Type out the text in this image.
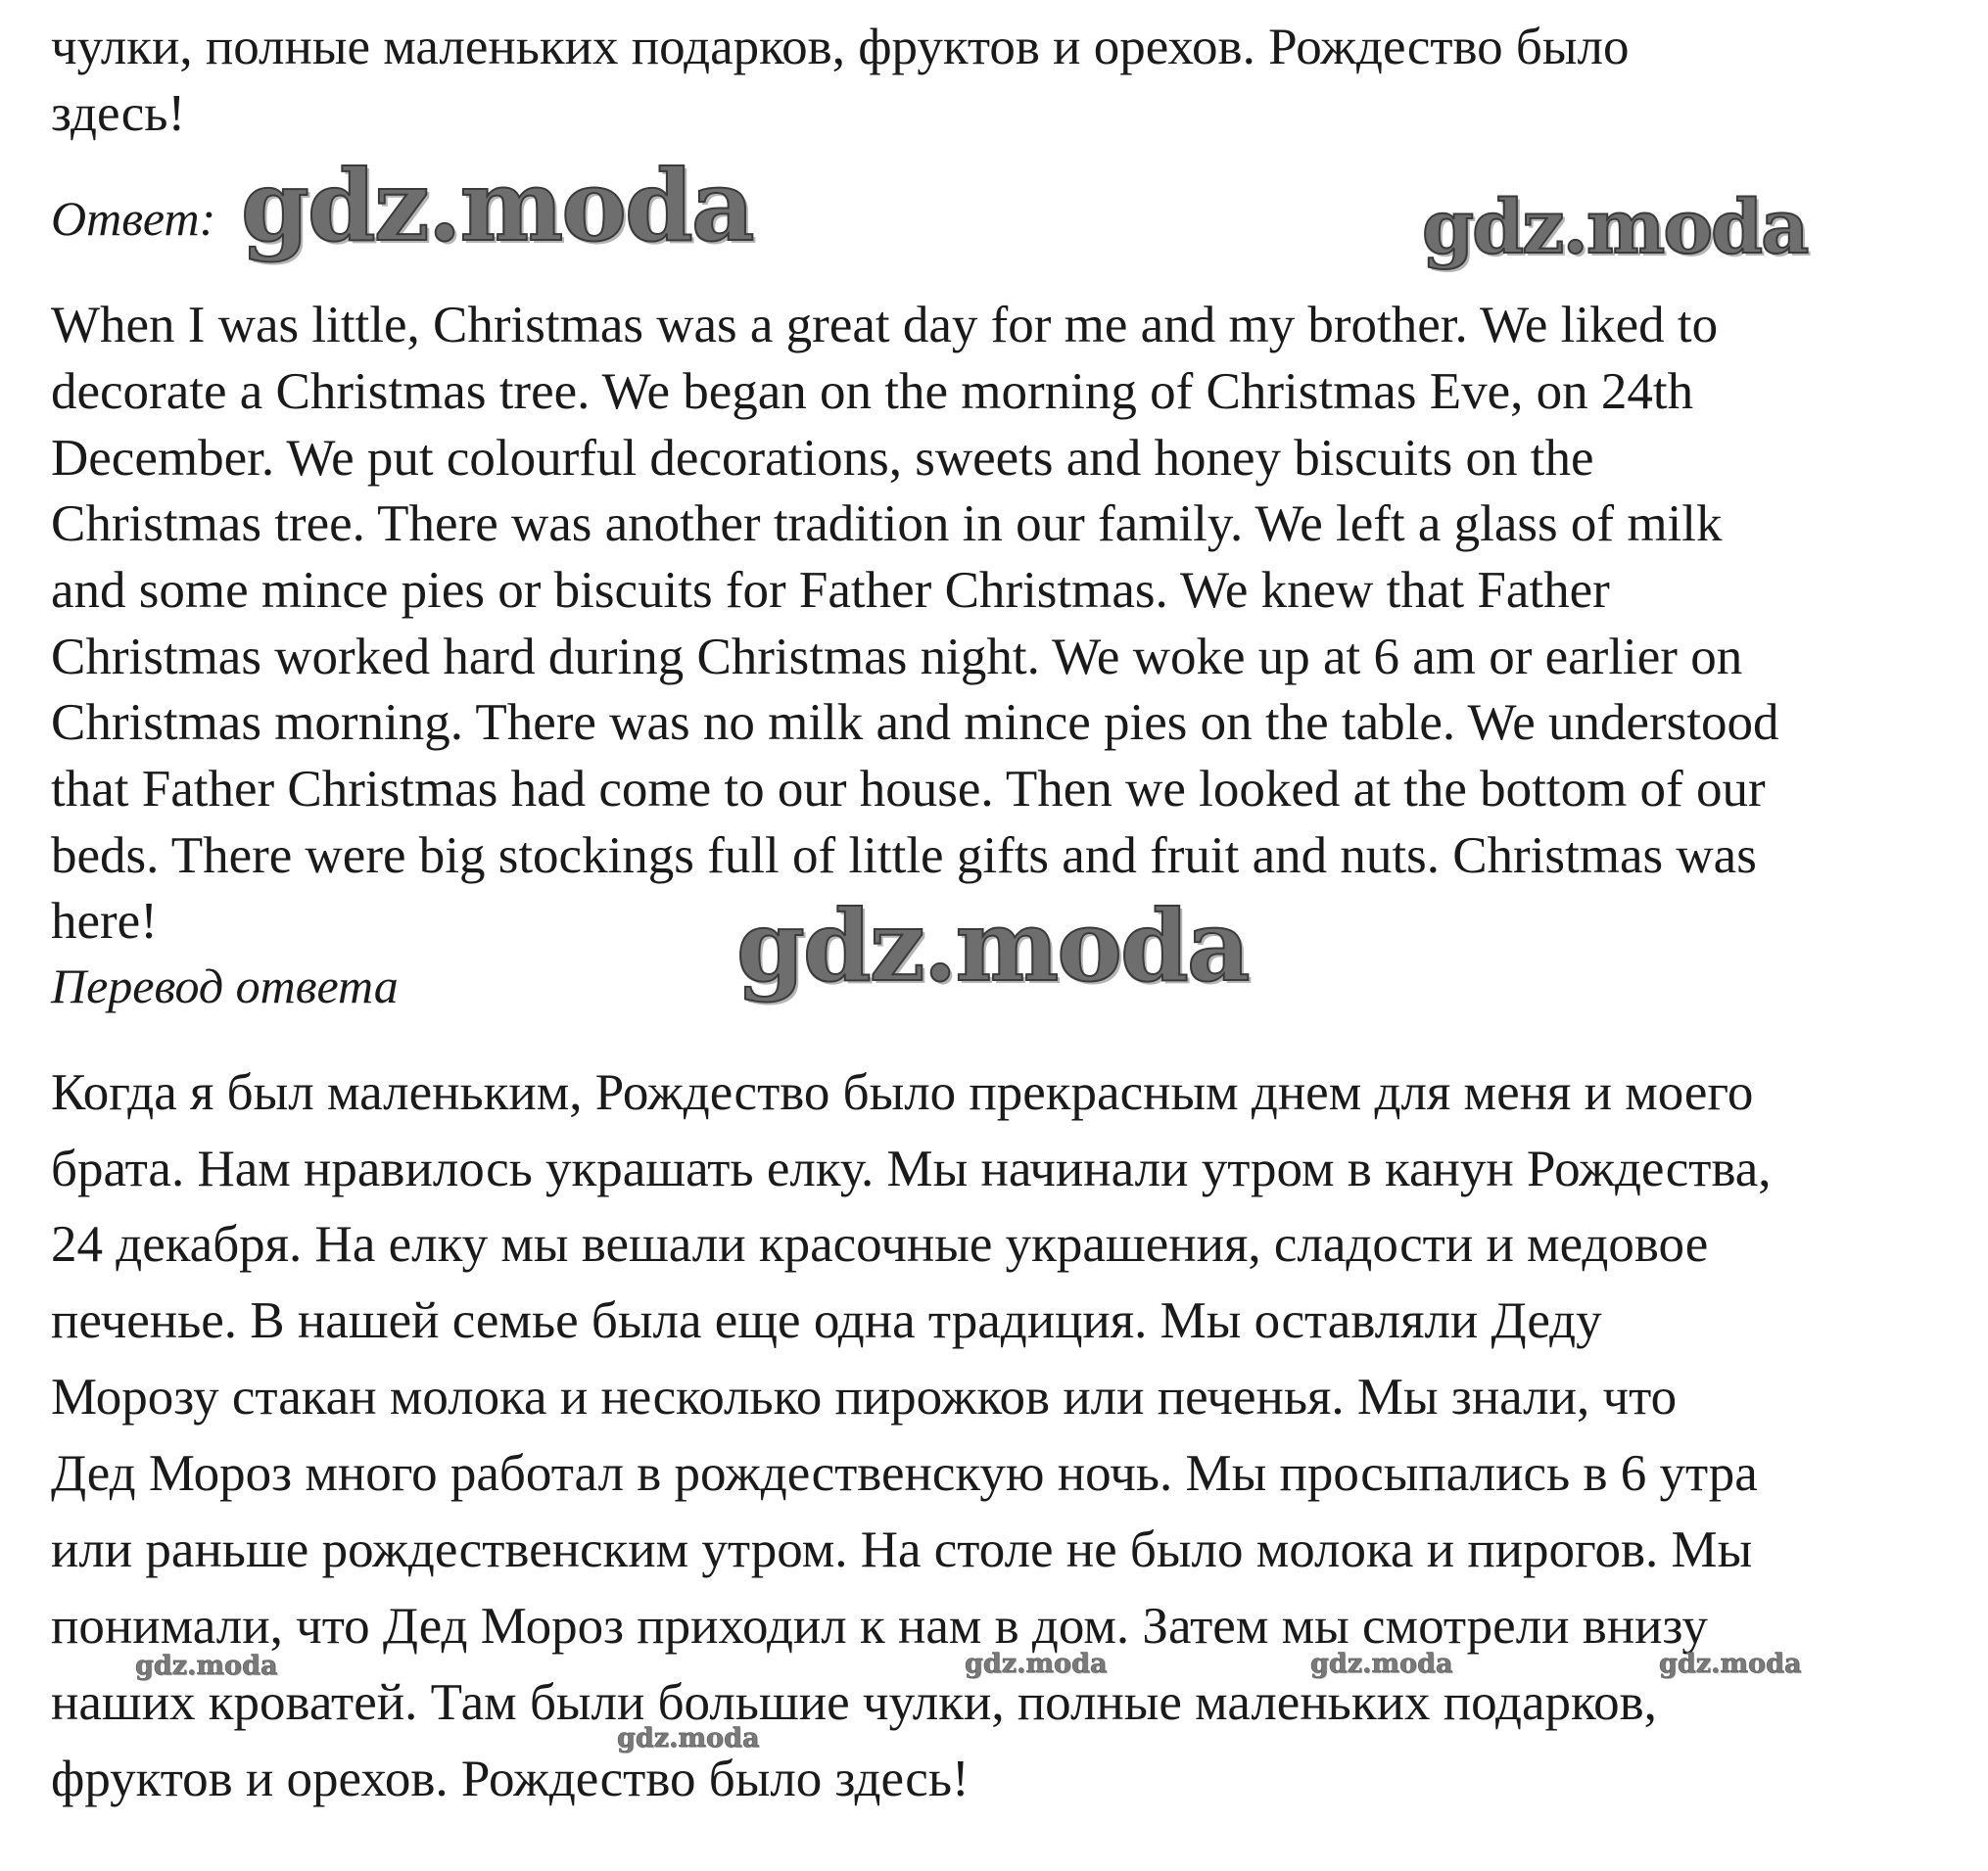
чулки, полные маленьких подарков, фруктов и орехов. Рождество было
здесь!
Ответ: gdz.moda	gdz.moda
When I was little, Christmas was a great day for me and my brother. We liked to
decorate a Christmas tree. We began on the morning of Christmas Eve, on 24th
December. We put colourful decorations, sweets and honey biscuits on the
Christmas tree. There was another tradition in our family. We left a glass of milk
and some mince pies or biscuits for Father Christmas. We knew that Father
Christmas worked hard during Christmas night. We woke up at 6 am or earlier on
Christmas morning. There was no milk and mince pies on the table. We understood
that Father Christmas had come to our house. Then we looked at the bottom of our
beds. There were big stockings full of little gifts and fruit and nuts. Christmas was
here!	gdz.moda
Перевод ответа
Когда я был маленьким, Рождество было прекрасным днем для меня и моего
брата. Нам нравилось украшать елку. Мы начинали утром в канун Рождества,
24 декабря. На елку мы вешали красочные украшения, сладости и медовое
печенье. В нашей семье была еще одна традиция. Мы оставляли Деду
Морозу стакан молока и несколько пирожков или печенья. Мы знали, что
Дед Мороз много работал в рождественскую ночь. Мы просыпались в 6 утра
или раньше рождественским утром. На столе не было молока и пирогов. Мы
понимали, что Дед Мороз приходил к нам в дом. Затем мы смотрели внизу
наших кроватей. Там были большие чулки, полные маленьких подарков,
фруктов и орехов. Рождество было здесь!
gdz.moda	gdz.moda	gdz.moda	gdz.moda
gdz.moda
